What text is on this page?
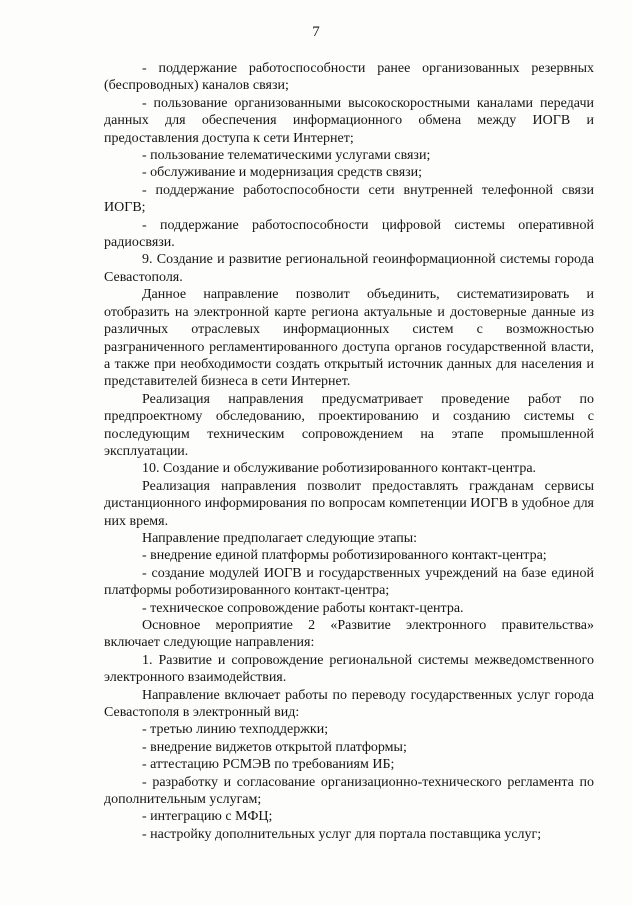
7

- поддержание работоспособности ранее организованных резервных (беспроводных) каналов связи;

- пользование организованными высокоскоростными каналами передачи данных для обеспечения информационного обмена между ИОГВ и предоставления доступа к сети Интернет;

- пользование телематическими услугами связи;

- обслуживание и модернизация средств связи;

- поддержание работоспособности сети внутренней телефонной связи ИОГВ;

- поддержание работоспособности цифровой системы оперативной радиосвязи.

9. Создание и развитие региональной геоинформационной системы города Севастополя.

Данное направление позволит объединить, систематизировать и отобразить на электронной карте региона актуальные и достоверные данные из различных отраслевых информационных систем с возможностью разграниченного регламентированного доступа органов государственной власти, а также при необходимости создать открытый источник данных для населения и представителей бизнеса в сети Интернет.

Реализация направления предусматривает проведение работ по предпроектному обследованию, проектированию и созданию системы с последующим техническим сопровождением на этапе промышленной эксплуатации.

10. Создание и обслуживание роботизированного контакт-центра.

Реализация направления позволит предоставлять гражданам сервисы дистанционного информирования по вопросам компетенции ИОГВ в удобное для них время.

Направление предполагает следующие этапы:

- внедрение единой платформы роботизированного контакт-центра;

- создание модулей ИОГВ и государственных учреждений на базе единой платформы роботизированного контакт-центра;

- техническое сопровождение работы контакт-центра.

Основное мероприятие 2 «Развитие электронного правительства» включает следующие направления:

1. Развитие и сопровождение региональной системы межведомственного электронного взаимодействия.

Направление включает работы по переводу государственных услуг города Севастополя в электронный вид:

- третью линию техподдержки;

- внедрение виджетов открытой платформы;

- аттестацию РСМЭВ по требованиям ИБ;

- разработку и согласование организационно-технического регламента по дополнительным услугам;

- интеграцию с МФЦ;

- настройку дополнительных услуг для портала поставщика услуг;
